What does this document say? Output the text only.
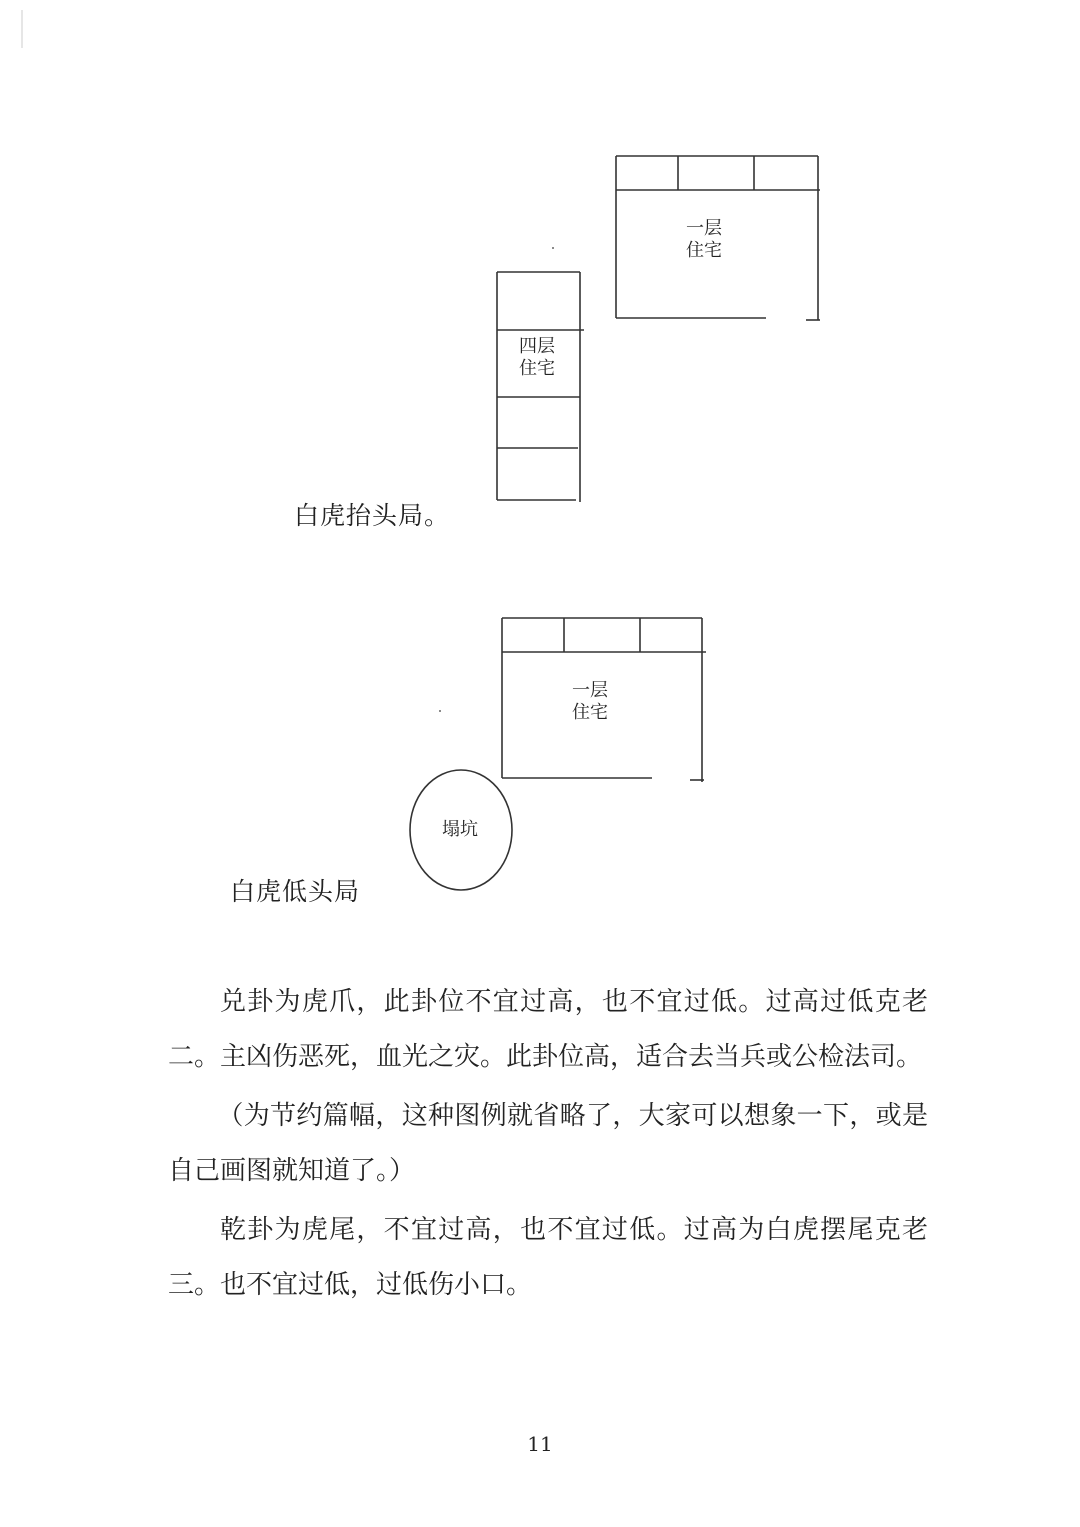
一层
住宅
四层
住宅
一层
住宅
塌坑
白虎抬头局。
白虎低头局

兑卦为虎爪，此卦位不宜过高，也不宜过低。过高过低克老二。主凶伤恶死，血光之灾。此卦位高，适合去当兵或公检法司。

（为节约篇幅，这种图例就省略了，大家可以想象一下，或是自己画图就知道了。）

乾卦为虎尾，不宜过高，也不宜过低。过高为白虎摆尾克老三。也不宜过低，过低伤小口。

11
